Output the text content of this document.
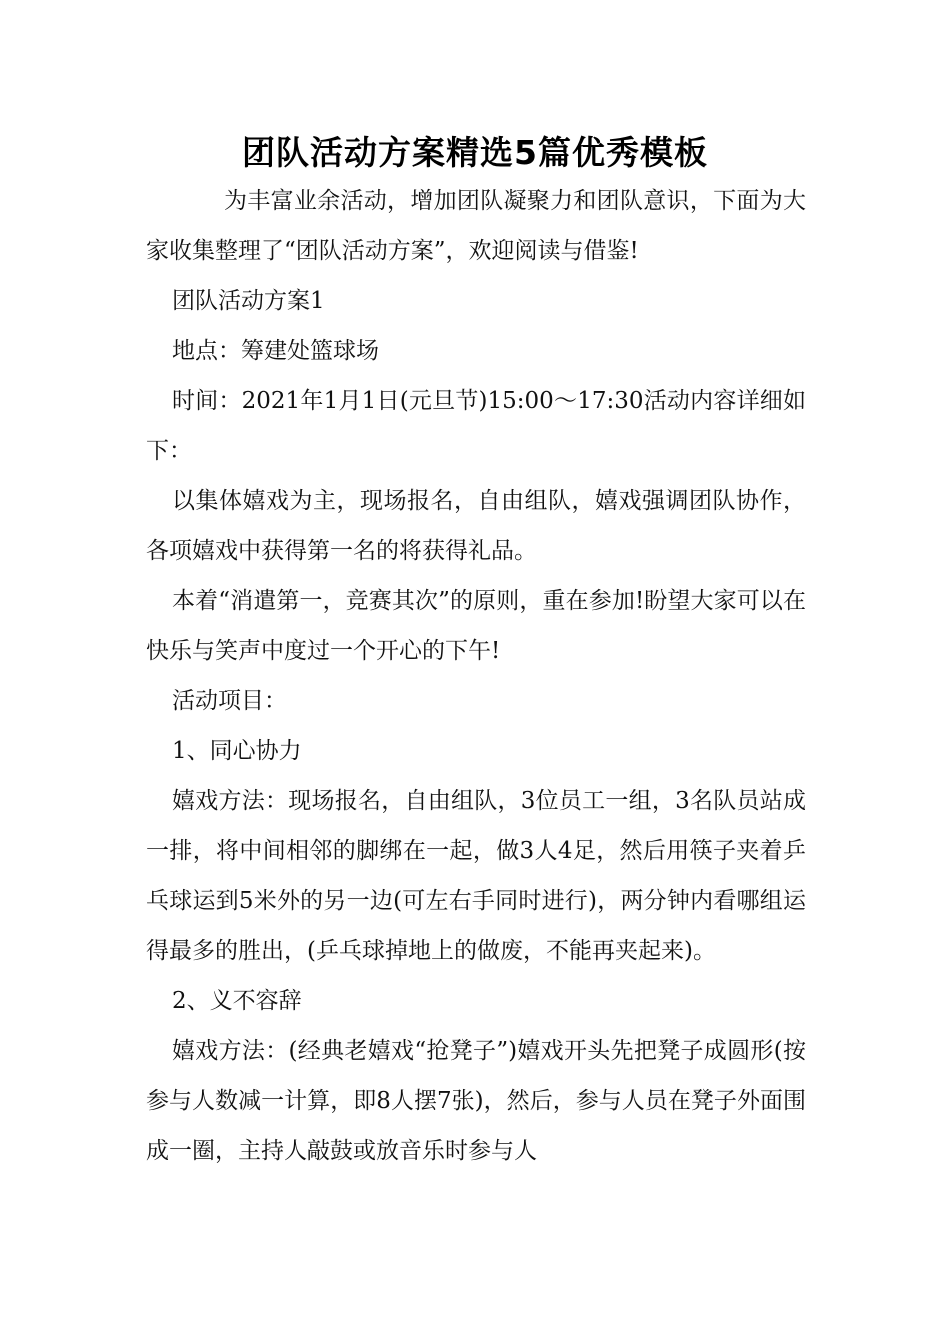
团队活动方案精选5篇优秀模板

为丰富业余活动，增加团队凝聚力和团队意识，下面为大家收集整理了“团队活动方案”，欢迎阅读与借鉴!

团队活动方案1

地点：筹建处篮球场

时间：2021年1月1日(元旦节)15:00～17:30活动内容详细如下：

以集体嬉戏为主，现场报名，自由组队，嬉戏强调团队协作，各项嬉戏中获得第一名的将获得礼品。

本着“消遣第一，竞赛其次”的原则，重在参加!盼望大家可以在快乐与笑声中度过一个开心的下午!

活动项目：

1、同心协力

嬉戏方法：现场报名，自由组队，3位员工一组，3名队员站成一排，将中间相邻的脚绑在一起，做3人4足，然后用筷子夹着乒乓球运到5米外的另一边(可左右手同时进行)，两分钟内看哪组运得最多的胜出，(乒乓球掉地上的做废，不能再夹起来)。

2、义不容辞

嬉戏方法：(经典老嬉戏“抢凳子”)嬉戏开头先把凳子成圆形(按参与人数减一计算，即8人摆7张)，然后，参与人员在凳子外面围成一圈，主持人敲鼓或放音乐时参与人
